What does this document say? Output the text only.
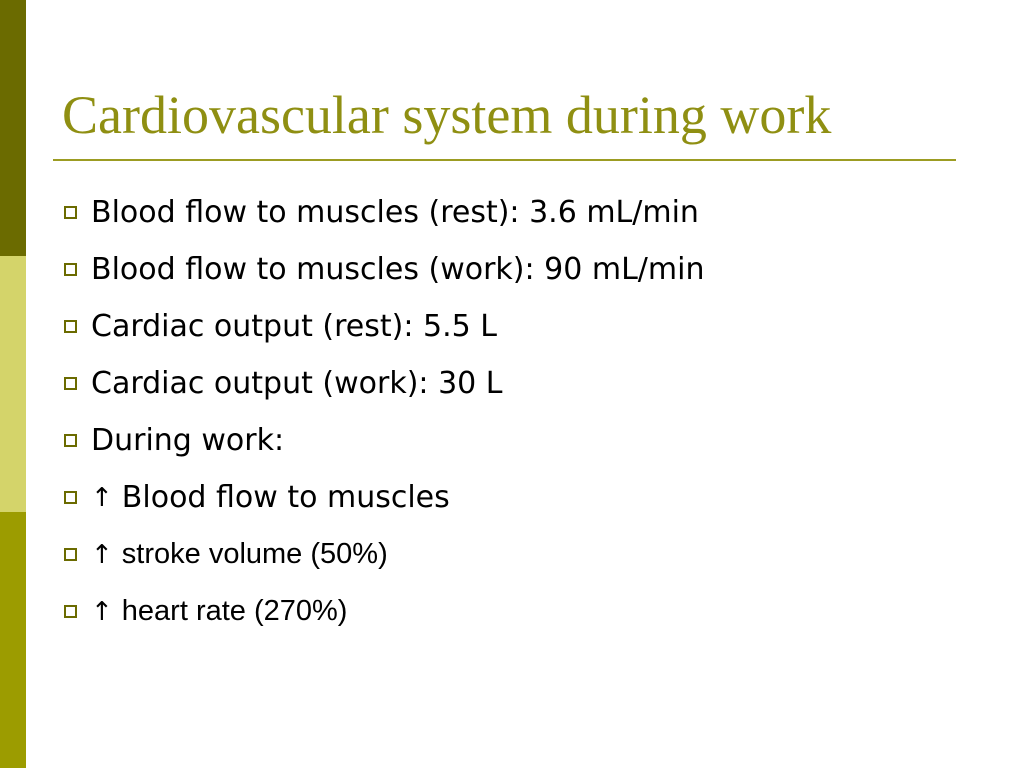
Cardiovascular system during work
Blood flow to muscles (rest): 3.6 mL/min
Blood flow to muscles (work): 90 mL/min
Cardiac output (rest): 5.5 L
Cardiac output (work): 30 L
During work:
↑ Blood flow to muscles
↑ stroke volume (50%)
↑ heart rate (270%)
